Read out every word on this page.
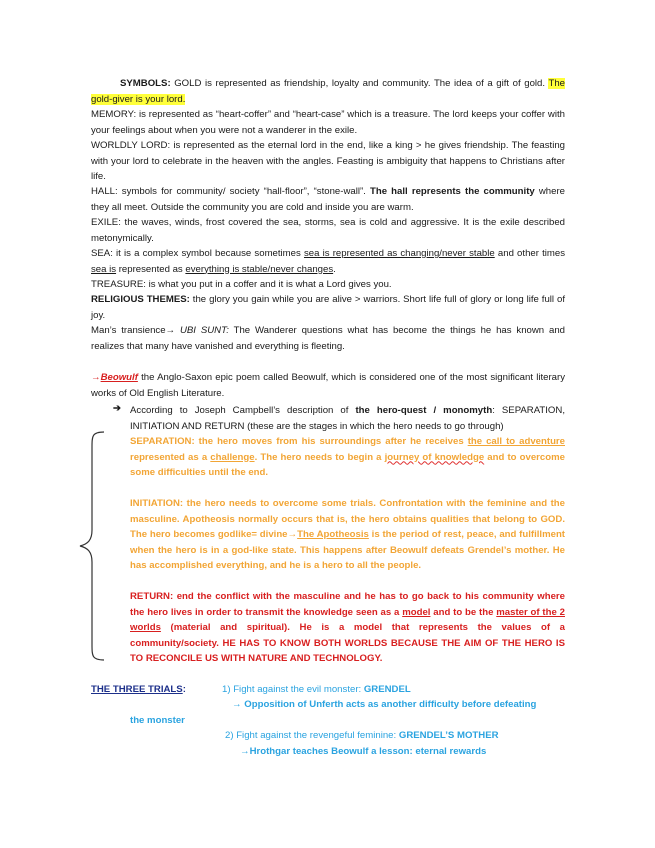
SYMBOLS: GOLD is represented as friendship, loyalty and community. The idea of a gift of gold. The gold-giver is your lord.

MEMORY: is represented as “heart-coffer” and “heart-case” which is a treasure. The lord keeps your coffer with your feelings about when you were not a wanderer in the exile.

WORLDLY LORD: is represented as the eternal lord in the end, like a king > he gives friendship. The feasting with your lord to celebrate in the heaven with the angles. Feasting is ambiguity that happens to Christians after life.

HALL: symbols for community/ society “hall-floor”, “stone-wall”. The hall represents the community where they all meet. Outside the community you are cold and inside you are warm.

EXILE: the waves, winds, frost covered the sea, storms, sea is cold and aggressive. It is the exile described metonymically.

SEA: it is a complex symbol because sometimes sea is represented as changing/never stable and other times sea is represented as everything is stable/never changes.

TREASURE: is what you put in a coffer and it is what a Lord gives you.

RELIGIOUS THEMES: the glory you gain while you are alive > warriors. Short life full of glory or long life full of joy.

Man’s transience→ UBI SUNT: The Wanderer questions what has become the things he has known and realizes that many have vanished and everything is fleeting.

→Beowulf the Anglo-Saxon epic poem called Beowulf, which is considered one of the most significant literary works of Old English Literature.

➔ According to Joseph Campbell’s description of the hero-quest / monomyth: SEPARATION, INITIATION AND RETURN (these are the stages in which the hero needs to go through)

SEPARATION: the hero moves from his surroundings after he receives the call to adventure represented as a challenge. The hero needs to begin a journey of knowledge and to overcome some difficulties until the end.

INITIATION: the hero needs to overcome some trials. Confrontation with the feminine and the masculine. Apotheosis normally occurs that is, the hero obtains qualities that belong to GOD. The hero becomes godlike= divine→The Apotheosis is the period of rest, peace, and fulfillment when the hero is in a god-like state. This happens after Beowulf defeats Grendel’s mother. He has accomplished everything, and he is a hero to all the people.

RETURN: end the conflict with the masculine and he has to go back to his community where the hero lives in order to transmit the knowledge seen as a model and to be the master of the 2 worlds (material and spiritual). He is a model that represents the values of a community/society. HE HAS TO KNOW BOTH WORLDS BECAUSE THE AIM OF THE HERO IS TO RECONCILE US WITH NATURE AND TECHNOLOGY.

THE THREE TRIALS:	1) Fight against the evil monster: GRENDEL
→ Opposition of Unferth acts as another difficulty before defeating
the monster
2) Fight against the revengeful feminine: GRENDEL’S MOTHER
→Hrothgar teaches Beowulf a lesson: eternal rewards
